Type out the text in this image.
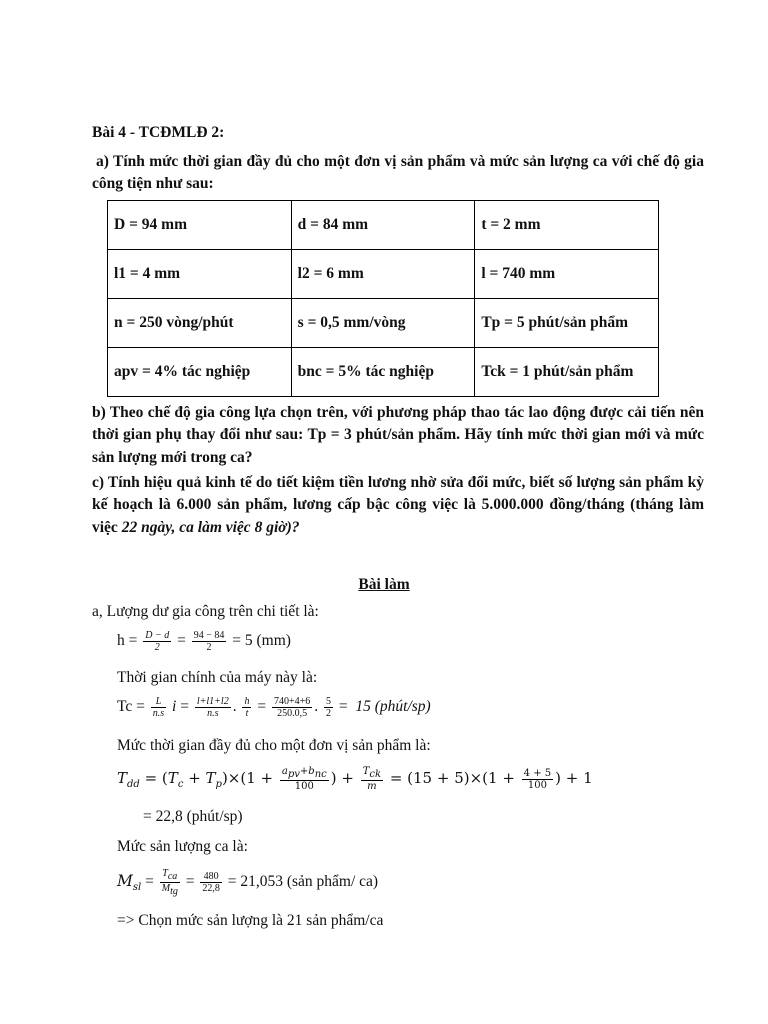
Bài 4 - TCĐMLĐ 2:
a) Tính mức thời gian đầy đủ cho một đơn vị sản phẩm và mức sản lượng ca với chế độ gia công tiện như sau:
D = 94 mm	d = 84 mm	t = 2 mm
l1 = 4 mm	l2 = 6 mm	l = 740 mm
n = 250 vòng/phút	s = 0,5 mm/vòng	Tp = 5 phút/sản phẩm
apv = 4% tác nghiệp	bnc = 5% tác nghiệp	Tck = 1 phút/sản phẩm
b) Theo chế độ gia công lựa chọn trên, với phương pháp thao tác lao động được cải tiến nên thời gian phụ thay đổi như sau: Tp = 3 phút/sản phẩm. Hãy tính mức thời gian mới và mức sản lượng mới trong ca?
c) Tính hiệu quả kinh tế do tiết kiệm tiền lương nhờ sửa đổi mức, biết số lượng sản phẩm kỳ kế hoạch là 6.000 sản phẩm, lương cấp bậc công việc là 5.000.000 đồng/tháng (tháng làm việc 22 ngày, ca làm việc 8 giờ)?
Bài làm
a, Lượng dư gia công trên chi tiết là:
$h = \frac{D - d}{2} = \frac{94 - 84}{2} = 5$ (mm)
Thời gian chính của máy này là:
$Tc = \frac{L}{n.s}$ $i = \frac{l+l1+l2}{n.s}$ . $\frac{h}{t} = \frac{740+4+6}{250.0,5}$ . $\frac{5}{2} = 15$ (phút/sp)
Mức thời gian đầy đủ cho một đơn vị sản phẩm là:
$T_{dd} = (T_c + T_p)\times(1 + \frac{a_{pv}+b_{nc}}{100}$ ) + $\frac{T_{ck}}{m} = (15 + 5)\times(1 + \frac{4 + 5}{100}$ ) + 1
= 22,8 (phút/sp)
Mức sản lượng ca là:
$M_{sl} = \frac{T_{ca}}{M_{tg}} = \frac{480}{22,8} = 21,053$ (sản phẩm/ ca)
=> Chọn mức sản lượng là 21 sản phẩm/ca
